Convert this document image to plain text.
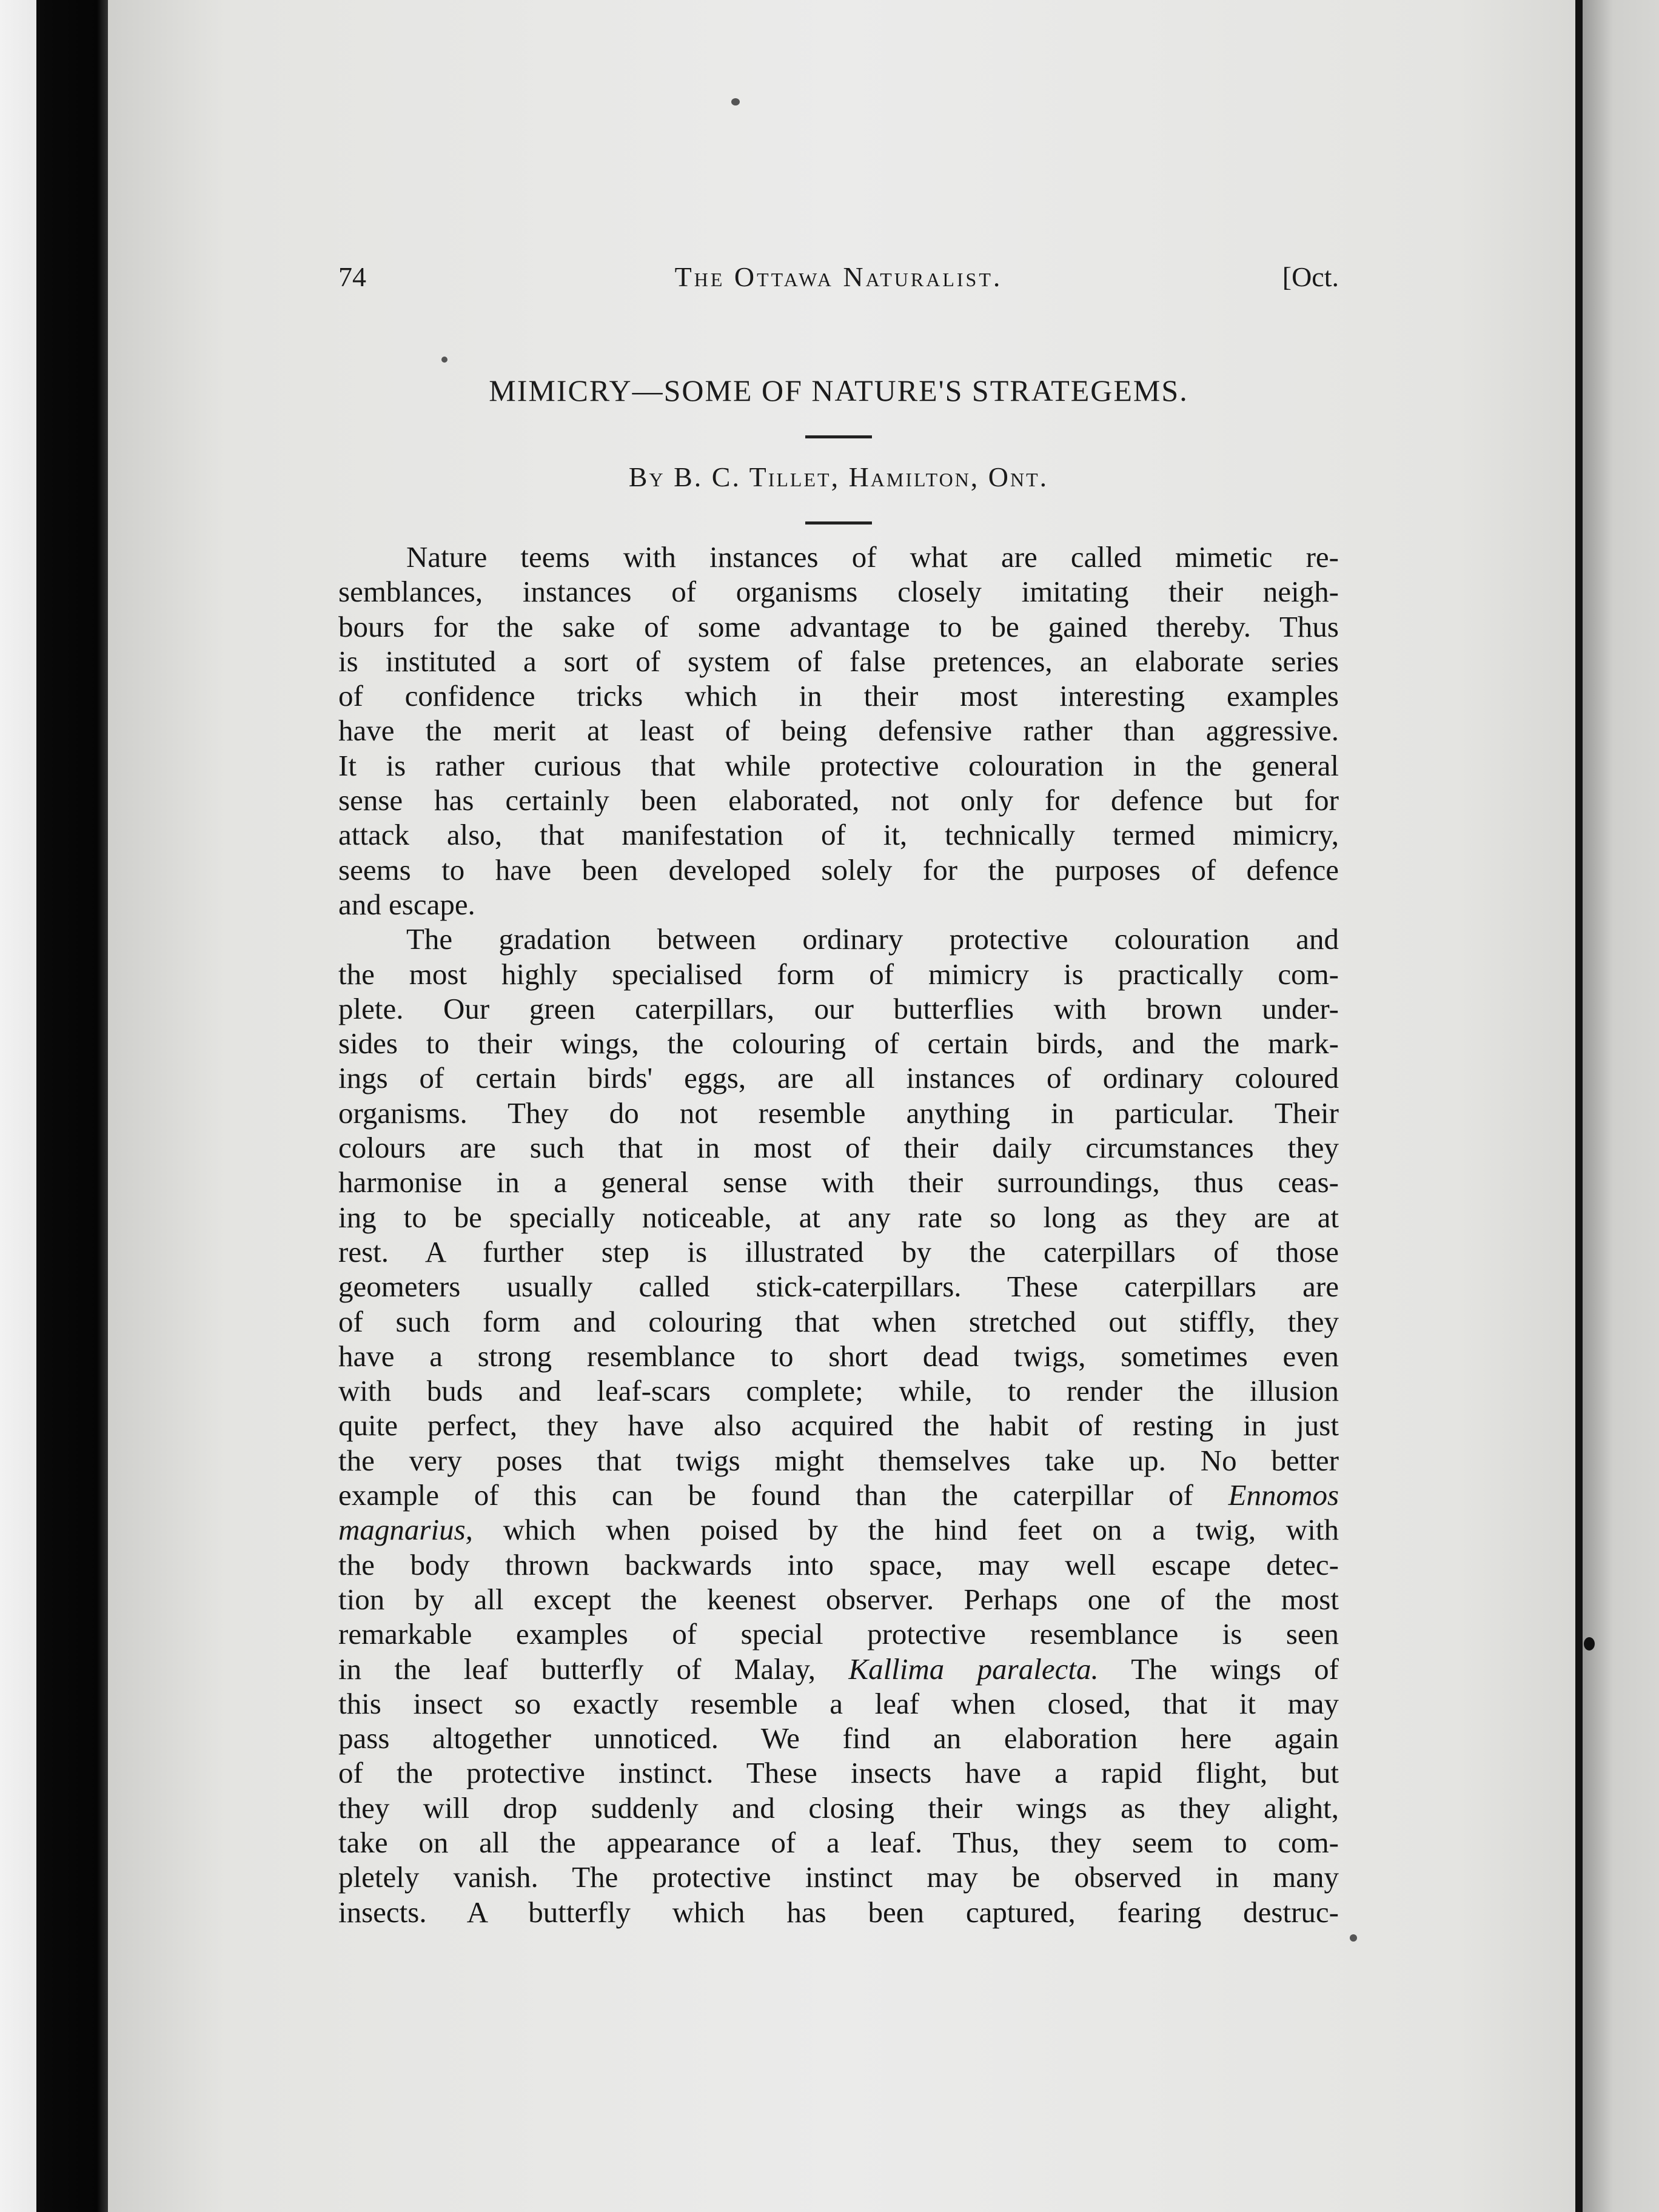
74	The Ottawa Naturalist.	[Oct.
MIMICRY—SOME OF NATURE'S STRATEGEMS.
By B. C. Tillet, Hamilton, Ont.
Nature teems with instances of what are called mimetic re-
semblances, instances of organisms closely imitating their neigh-
bours for the sake of some advantage to be gained thereby. Thus
is instituted a sort of system of false pretences, an elaborate series
of confidence tricks which in their most interesting examples
have the merit at least of being defensive rather than aggressive.
It is rather curious that while protective colouration in the general
sense has certainly been elaborated, not only for defence but for
attack also, that manifestation of it, technically termed mimicry,
seems to have been developed solely for the purposes of defence
and escape.
The gradation between ordinary protective colouration and
the most highly specialised form of mimicry is practically com-
plete. Our green caterpillars, our butterflies with brown under-
sides to their wings, the colouring of certain birds, and the mark-
ings of certain birds' eggs, are all instances of ordinary coloured
organisms. They do not resemble anything in particular. Their
colours are such that in most of their daily circumstances they
harmonise in a general sense with their surroundings, thus ceas-
ing to be specially noticeable, at any rate so long as they are at
rest. A further step is illustrated by the caterpillars of those
geometers usually called stick-caterpillars. These caterpillars are
of such form and colouring that when stretched out stiffly, they
have a strong resemblance to short dead twigs, sometimes even
with buds and leaf-scars complete; while, to render the illusion
quite perfect, they have also acquired the habit of resting in just
the very poses that twigs might themselves take up. No better
example of this can be found than the caterpillar of Ennomos
magnarius, which when poised by the hind feet on a twig, with
the body thrown backwards into space, may well escape detec-
tion by all except the keenest observer. Perhaps one of the most
remarkable examples of special protective resemblance is seen
in the leaf butterfly of Malay, Kallima paralecta. The wings of
this insect so exactly resemble a leaf when closed, that it may
pass altogether unnoticed. We find an elaboration here again
of the protective instinct. These insects have a rapid flight, but
they will drop suddenly and closing their wings as they alight,
take on all the appearance of a leaf. Thus, they seem to com-
pletely vanish. The protective instinct may be observed in many
insects. A butterfly which has been captured, fearing destruc-
